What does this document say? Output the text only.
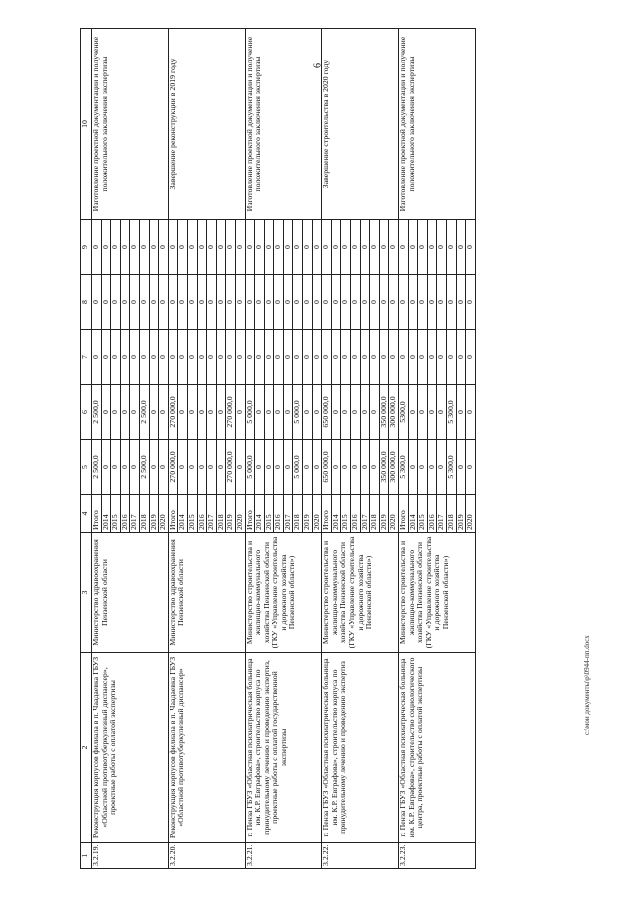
6
1	2	3	4	5	6	7	8	9	10
3.2.19.	Реконструкция корпусов филиала в п. Чаадаевка ГБУЗ «Областной противотуберкулезный диспансер», проектные работы с оплатой экспертизы	Министерство здравоохранения Пензенской области	Итого	2 500,0	2 500,0	0	0	0	Изготовление проектной документации и получение положительного заключения экспертизы
			2014	0	0	0	0	0	
			2015	0	0	0	0	0	
			2016	0	0	0	0	0	
			2017	0	0	0	0	0	
			2018	2 500,0	2 500,0	0	0	0	
			2019	0	0	0	0	0	
			2020	0	0	0	0	0	
3.2.20.	Реконструкция корпусов филиала в п. Чаадаевка ГБУЗ «Областной противотуберкулезный диспансер»	Министерство здравоохранения Пензенской области	Итого	270 000,0	270 000,0	0	0	0	Завершение реконструкции в 2019 году
			2014	0	0	0	0	0	
			2015	0	0	0	0	0	
			2016	0	0	0	0	0	
			2017	0	0	0	0	0	
			2018	0	0	0	0	0	
			2019	270 000,0	270 000,0	0	0	0	
			2020	0	0	0	0	0	
3.2.21.	г. Пенза ГБУЗ «Областная психиатрическая больница им. К.Р. Евграфова», строительство корпуса по принудительному лечению и проведению экспертиз, проектные работы с оплатой государственной экспертизы	Министерство строительства и жилищно-коммунального хозяйства Пензенской области (ГКУ «Управление строительства и дорожного хозяйства Пензенской области»)	Итого	5 000,0	5 000,0	0	0	0	Изготовление проектной документации и получение положительного заключения экспертизы
			2014	0	0	0	0	0	
			2015	0	0	0	0	0	
			2016	0	0	0	0	0	
			2017	0	0	0	0	0	
			2018	5 000,0	5 000,0	0	0	0	
			2019	0	0	0	0	0	
			2020	0	0	0	0	0	
3.2.22.	г. Пенза ГБУЗ «Областная психиатрическая больница им. К.Р. Евграфова», строительство корпуса по принудительному лечению и проведению экспертиз	Министерство строительства и жилищно-коммунального хозяйства Пензенской области (ГКУ «Управление строительства и дорожного хозяйства Пензенской области»)	Итого	650 000,0	650 000,0	0	0	0	Завершение строительства в 2020 году
			2014	0	0	0	0	0	
			2015	0	0	0	0	0	
			2016	0	0	0	0	0	
			2017	0	0	0	0	0	
			2018	0	0	0	0	0	
			2019	350 000,0	350 000,0	0	0	0	
			2020	300 000,0	300 000,0	0	0	0	
3.2.23.	г. Пенза ГБУЗ «Областная психиатрическая больница им. К.Р. Евграфова», строительство социологического центра, проектные работы с оплатой экспертизы	Министерство строительства и жилищно-коммунального хозяйства Пензенской области (ГКУ «Управление строительства и дорожного хозяйства Пензенской области»)	Итого	5 300,0	5300,0	0	0	0	Изготовление проектной документации и получение положительного заключения экспертизы
			2014	0	0	0	0	0	
			2015	0	0	0	0	0	
			2016	0	0	0	0	0	
			2017	0	0	0	0	0	
			2018	5 300,0	5 300,0	0	0	0	
			2019	0	0	0	0	0	
			2020	0	0	0	0	0	
c:\мои документы\р\0944-пп.docx
